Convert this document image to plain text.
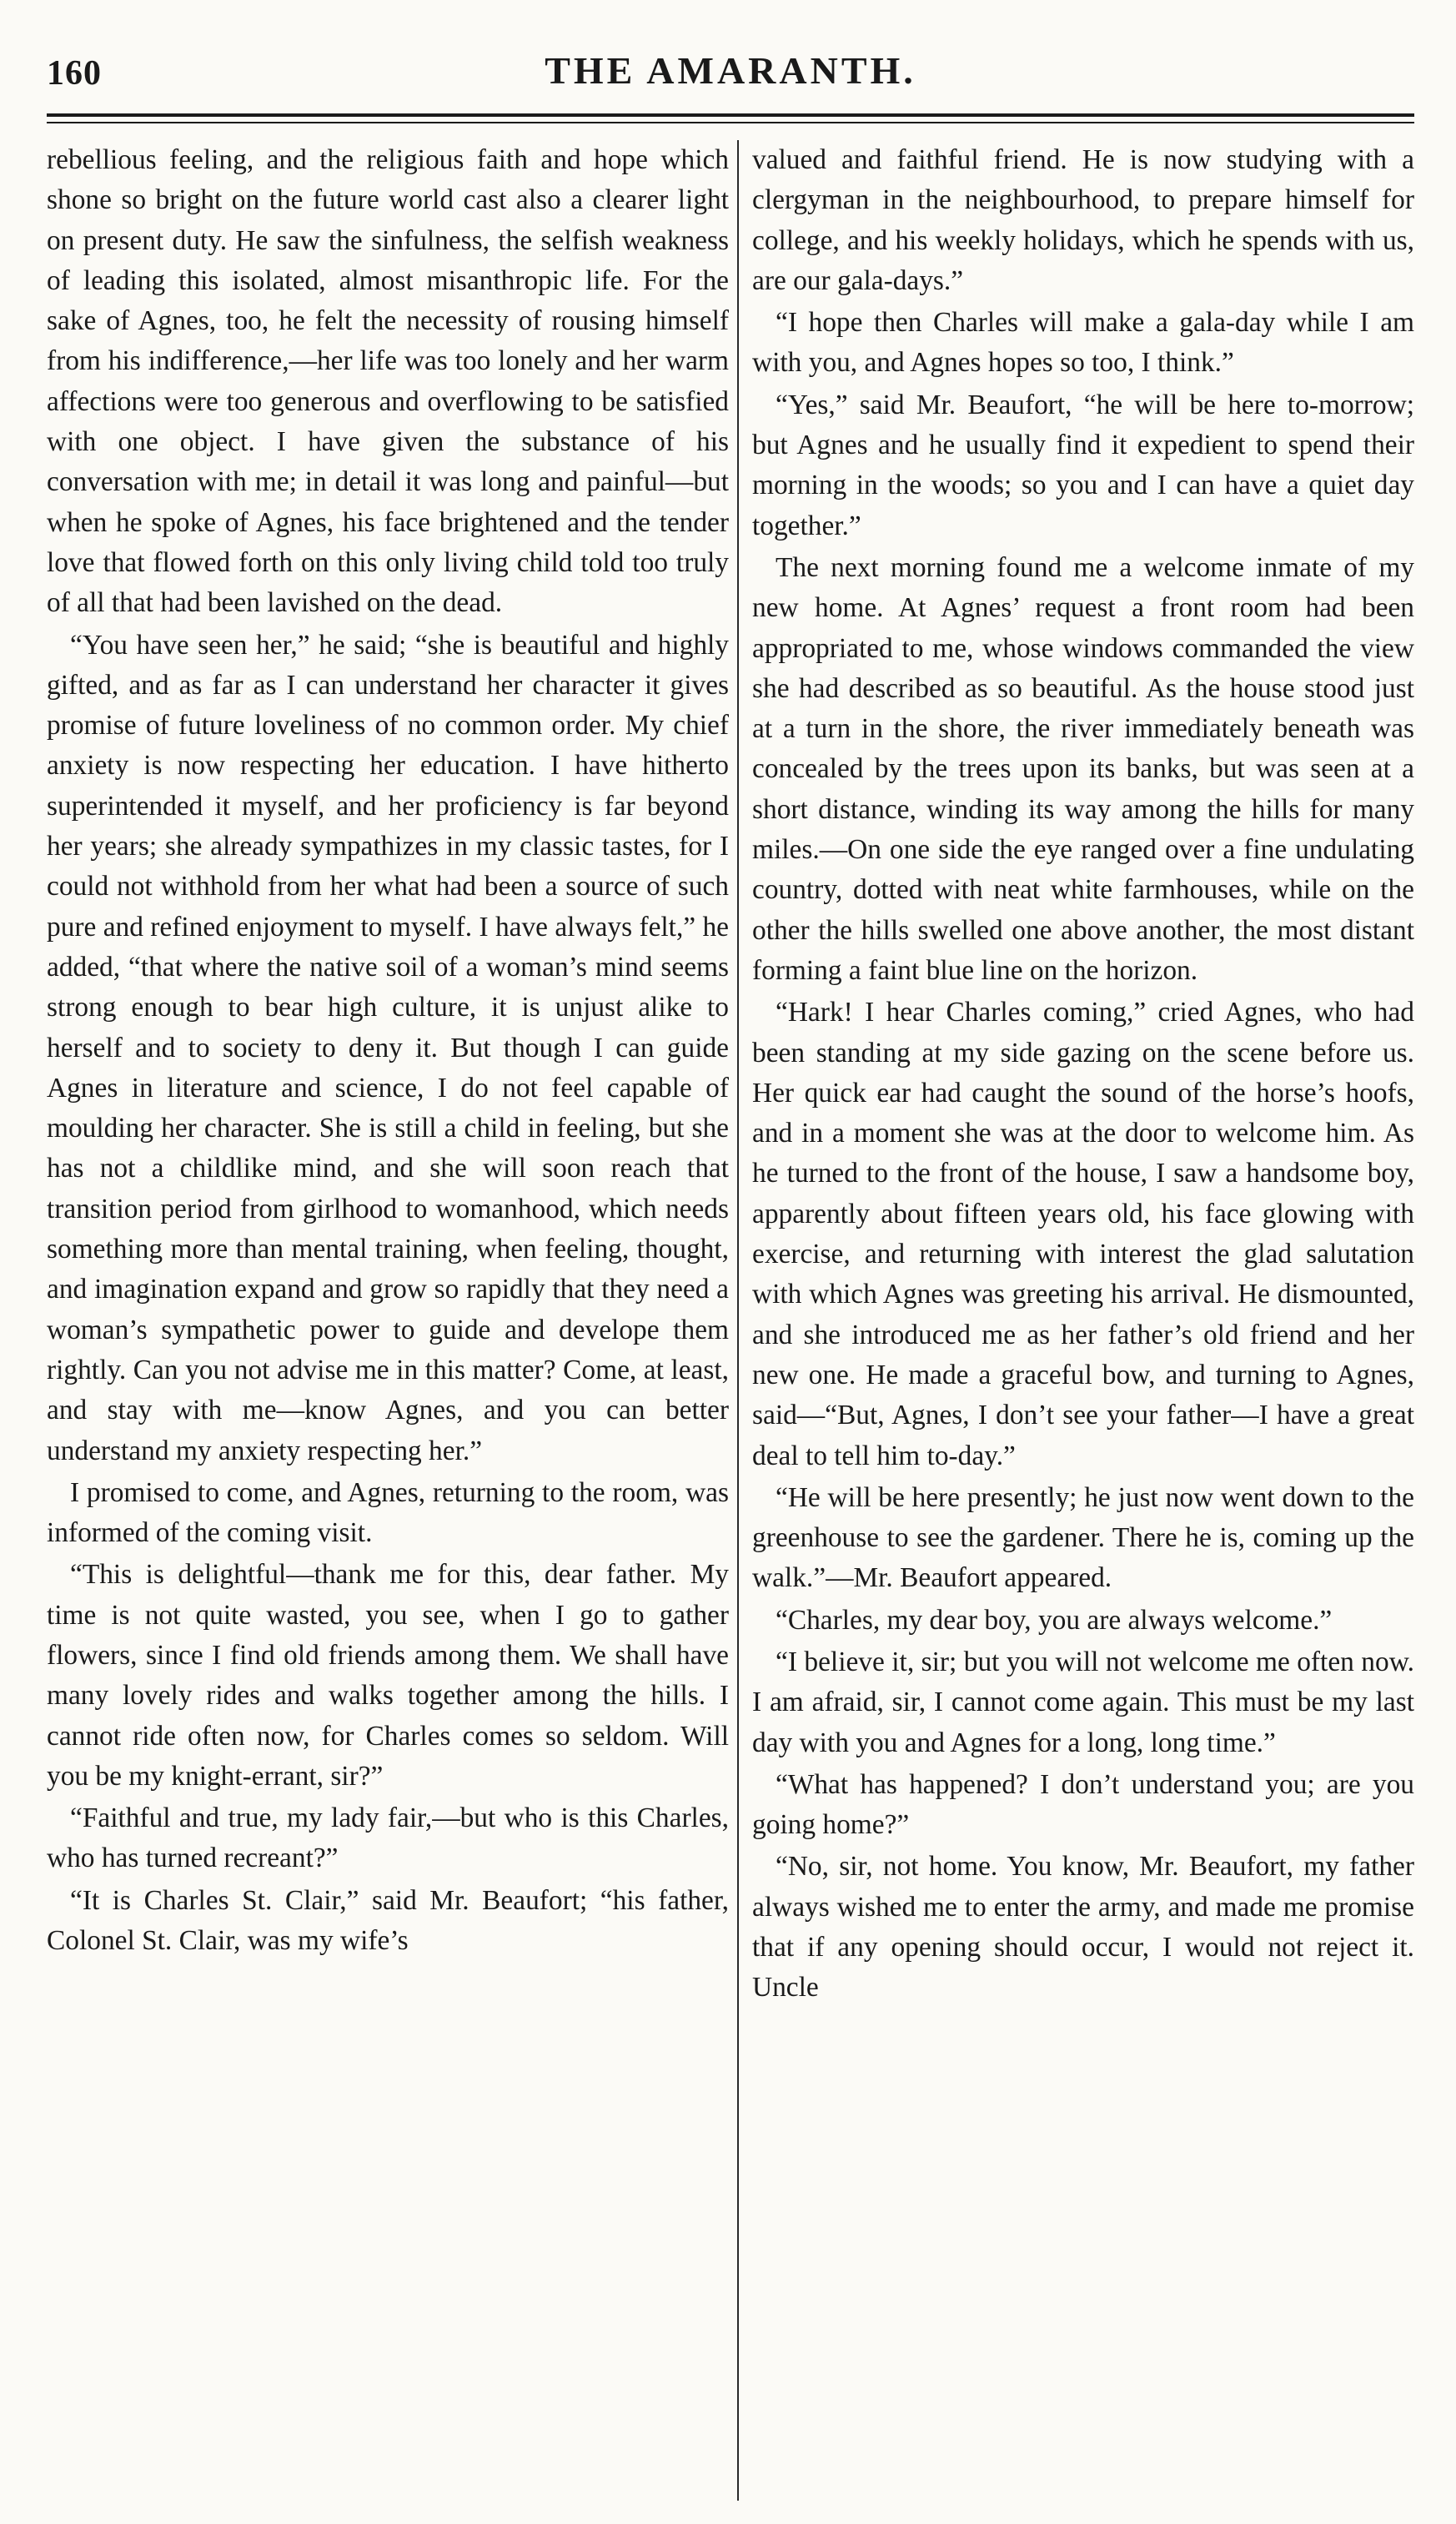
160	THE AMARANTH.

rebellious feeling, and the religious faith and hope which shone so bright on the future world cast also a clearer light on present duty. He saw the sinfulness, the selfish weakness of leading this isolated, almost misanthropic life. For the sake of Agnes, too, he felt the necessity of rousing himself from his indifference,—her life was too lonely and her warm affections were too generous and overflowing to be satisfied with one object. I have given the substance of his conversation with me; in detail it was long and painful—but when he spoke of Agnes, his face brightened and the tender love that flowed forth on this only living child told too truly of all that had been lavished on the dead.

“You have seen her,” he said; “she is beautiful and highly gifted, and as far as I can understand her character it gives promise of future loveliness of no common order. My chief anxiety is now respecting her education. I have hitherto superintended it myself, and her proficiency is far beyond her years; she already sympathizes in my classic tastes, for I could not withhold from her what had been a source of such pure and refined enjoyment to myself. I have always felt,” he added, “that where the native soil of a woman’s mind seems strong enough to bear high culture, it is unjust alike to herself and to society to deny it. But though I can guide Agnes in literature and science, I do not feel capable of moulding her character. She is still a child in feeling, but she has not a childlike mind, and she will soon reach that transition period from girlhood to womanhood, which needs something more than mental training, when feeling, thought, and imagination expand and grow so rapidly that they need a woman’s sympathetic power to guide and develope them rightly. Can you not advise me in this matter? Come, at least, and stay with me—know Agnes, and you can better understand my anxiety respecting her.”

I promised to come, and Agnes, returning to the room, was informed of the coming visit.

“This is delightful—thank me for this, dear father. My time is not quite wasted, you see, when I go to gather flowers, since I find old friends among them. We shall have many lovely rides and walks together among the hills. I cannot ride often now, for Charles comes so seldom. Will you be my knight-errant, sir?”

“Faithful and true, my lady fair,—but who is this Charles, who has turned recreant?”

“It is Charles St. Clair,” said Mr. Beaufort; “his father, Colonel St. Clair, was my wife’s

valued and faithful friend. He is now studying with a clergyman in the neighbourhood, to prepare himself for college, and his weekly holidays, which he spends with us, are our gala-days.”

“I hope then Charles will make a gala-day while I am with you, and Agnes hopes so too, I think.”

“Yes,” said Mr. Beaufort, “he will be here to-morrow; but Agnes and he usually find it expedient to spend their morning in the woods; so you and I can have a quiet day together.”

The next morning found me a welcome inmate of my new home. At Agnes’ request a front room had been appropriated to me, whose windows commanded the view she had described as so beautiful. As the house stood just at a turn in the shore, the river immediately beneath was concealed by the trees upon its banks, but was seen at a short distance, winding its way among the hills for many miles.—On one side the eye ranged over a fine undulating country, dotted with neat white farmhouses, while on the other the hills swelled one above another, the most distant forming a faint blue line on the horizon.

“Hark! I hear Charles coming,” cried Agnes, who had been standing at my side gazing on the scene before us. Her quick ear had caught the sound of the horse’s hoofs, and in a moment she was at the door to welcome him. As he turned to the front of the house, I saw a handsome boy, apparently about fifteen years old, his face glowing with exercise, and returning with interest the glad salutation with which Agnes was greeting his arrival. He dismounted, and she introduced me as her father’s old friend and her new one. He made a graceful bow, and turning to Agnes, said—“But, Agnes, I don’t see your father—I have a great deal to tell him to-day.”

“He will be here presently; he just now went down to the greenhouse to see the gardener. There he is, coming up the walk.”—Mr. Beaufort appeared.

“Charles, my dear boy, you are always welcome.”

“I believe it, sir; but you will not welcome me often now. I am afraid, sir, I cannot come again. This must be my last day with you and Agnes for a long, long time.”

“What has happened? I don’t understand you; are you going home?”

“No, sir, not home. You know, Mr. Beaufort, my father always wished me to enter the army, and made me promise that if any opening should occur, I would not reject it. Uncle
